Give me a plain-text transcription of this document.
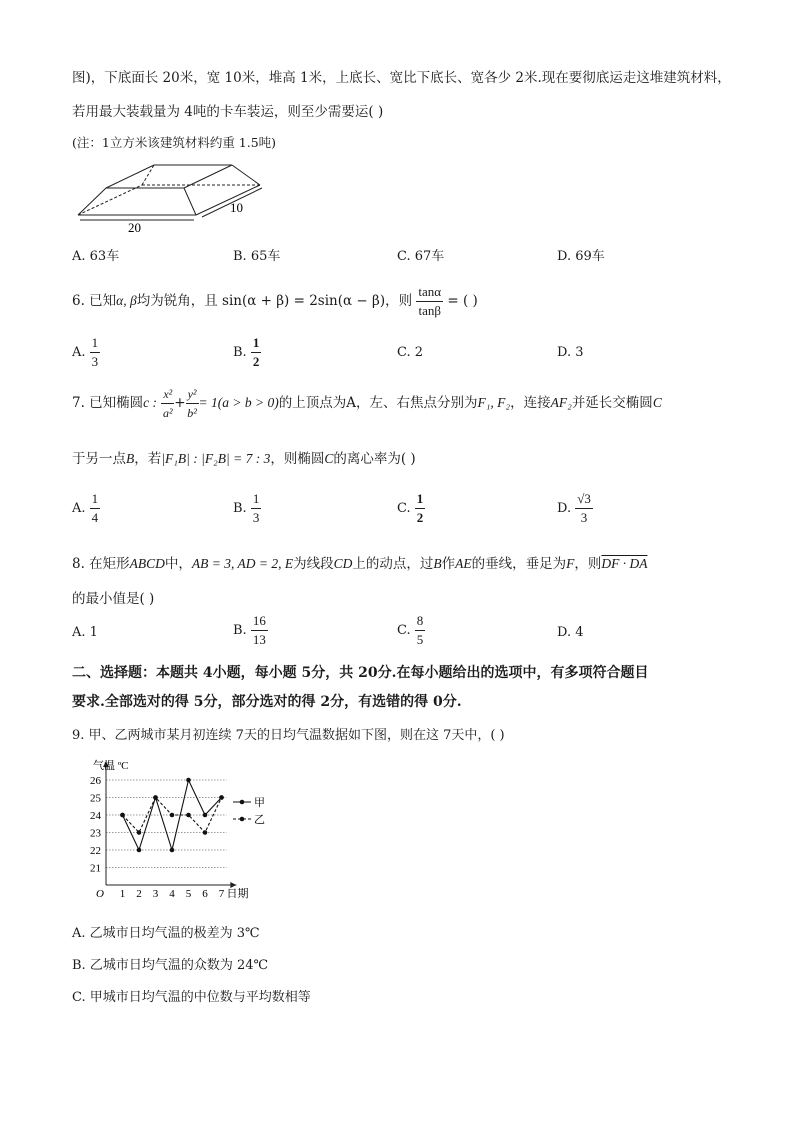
图)，下底面长 20米，宽 10米，堆高 1米，上底长、宽比下底长、宽各少 2米.现在要彻底运走这堆建筑材料，
若用最大装载量为 4吨的卡车装运，则至少需要运( )
(注：1立方米该建筑材料约重 1.5吨)
20
10
A. 63车	B. 65车	C. 67车	D. 69车
6. 已知α, β均为锐角，且 sin(α + β) = 2sin(α − β)，则 $\frac{\tan\alpha}{\tan\beta}$ = ( )
A. $\frac{1}{3}$	B. $\frac{1}{2}$	C. 2	D. 3
7. 已知椭圆c : $\frac{\text{x²}}{\text{a²}} + \frac{\text{y²}}{\text{b²}} = 1(a > b > 0)$的上顶点为A，左、右焦点分别为F₁, F₂，连接AF₂并延长交椭圆C
于另一点B，若|F₁B| : |F₂B| = 7 : 3，则椭圆C的离心率为( )
A. $\frac{1}{4}$	B. $\frac{1}{3}$	C. $\frac{1}{2}$	D. $\frac{√3}{3}$
8. 在矩形ABCD中，AB = 3, AD = 2, E为线段CD上的动点，过B作AE的垂线，垂足为F，则DF · DA
的最小值是( )
A. 1	B. $\frac{16}{13}$	C. $\frac{8}{5}$	D. 4
二、选择题：本题共 4小题，每小题 5分，共 20分.在每小题给出的选项中，有多项符合题目
要求.全部选对的得 5分，部分选对的得 2分，有选错的得 0分.
9. 甲、乙两城市某月初连续 7天的日均气温数据如下图，则在这 7天中，( )
21
22
23
24
25
26
气温 ºC
O 1 2 3 4 5 6 7 日期
甲
乙
A. 乙城市日均气温的极差为 3℃
B. 乙城市日均气温的众数为 24℃
C. 甲城市日均气温的中位数与平均数相等
